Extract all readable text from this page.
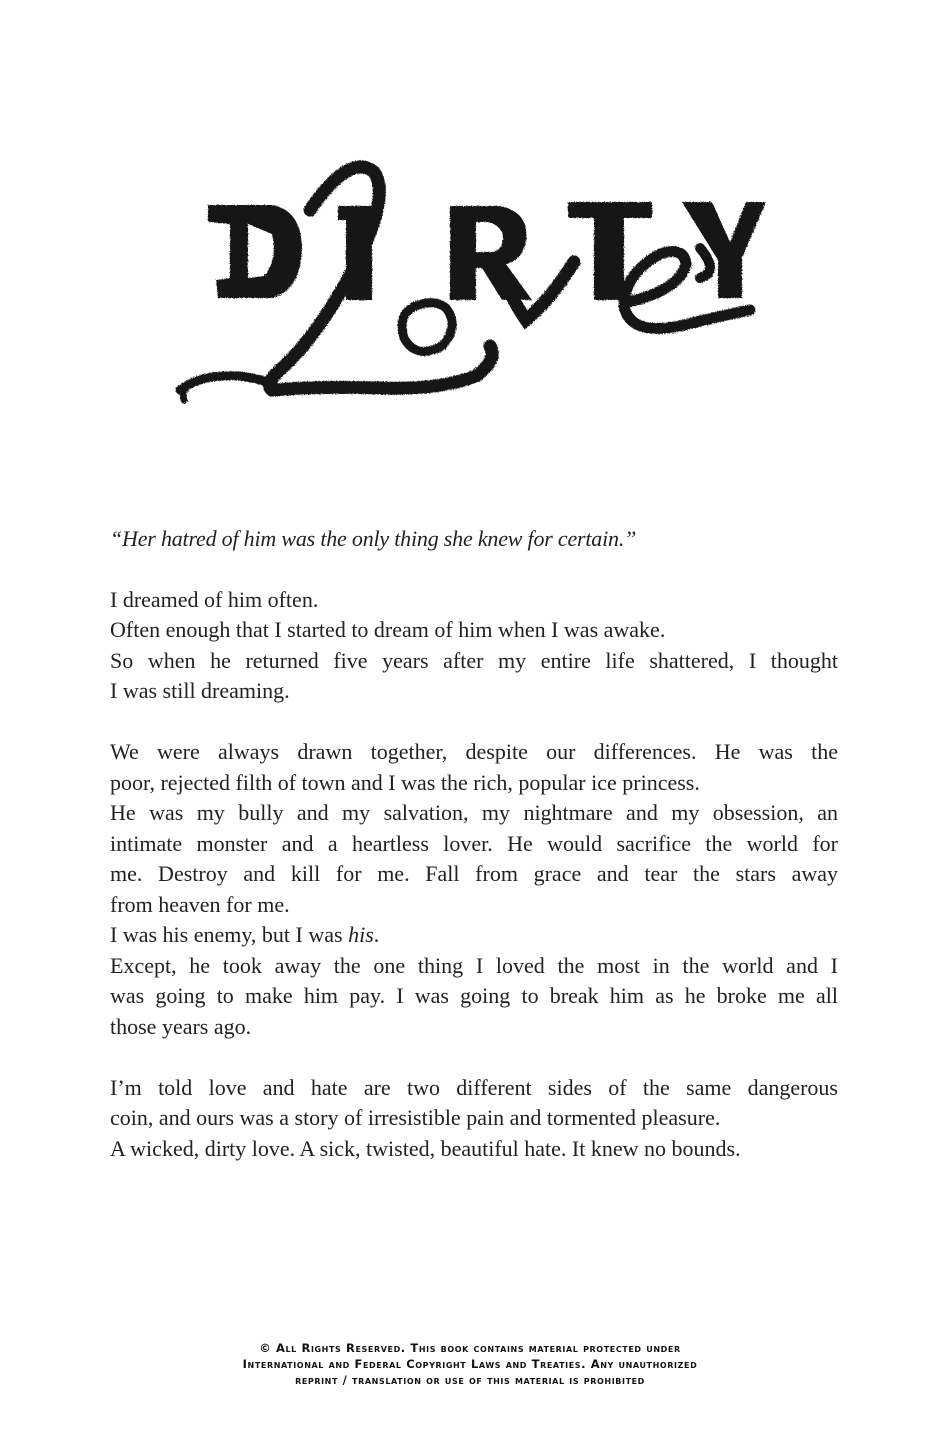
“Her hatred of him was the only thing she knew for certain.”

I dreamed of him often.
Often enough that I started to dream of him when I was awake.
So when he returned five years after my entire life shattered, I thought
I was still dreaming.
We were always drawn together, despite our differences. He was the
poor, rejected filth of town and I was the rich, popular ice princess.
He was my bully and my salvation, my nightmare and my obsession, an
intimate monster and a heartless lover. He would sacrifice the world for
me. Destroy and kill for me. Fall from grace and tear the stars away
from heaven for me.
I was his enemy, but I was his.
Except, he took away the one thing I loved the most in the world and I
was going to make him pay. I was going to break him as he broke me all
those years ago.
I’m told love and hate are two different sides of the same dangerous
coin, and ours was a story of irresistible pain and tormented pleasure.
A wicked, dirty love. A sick, twisted, beautiful hate. It knew no bounds.
© All Rights Reserved. This book contains material protected under
International and Federal Copyright Laws and Treaties. Any unauthorized
reprint / translation or use of this material is prohibited
